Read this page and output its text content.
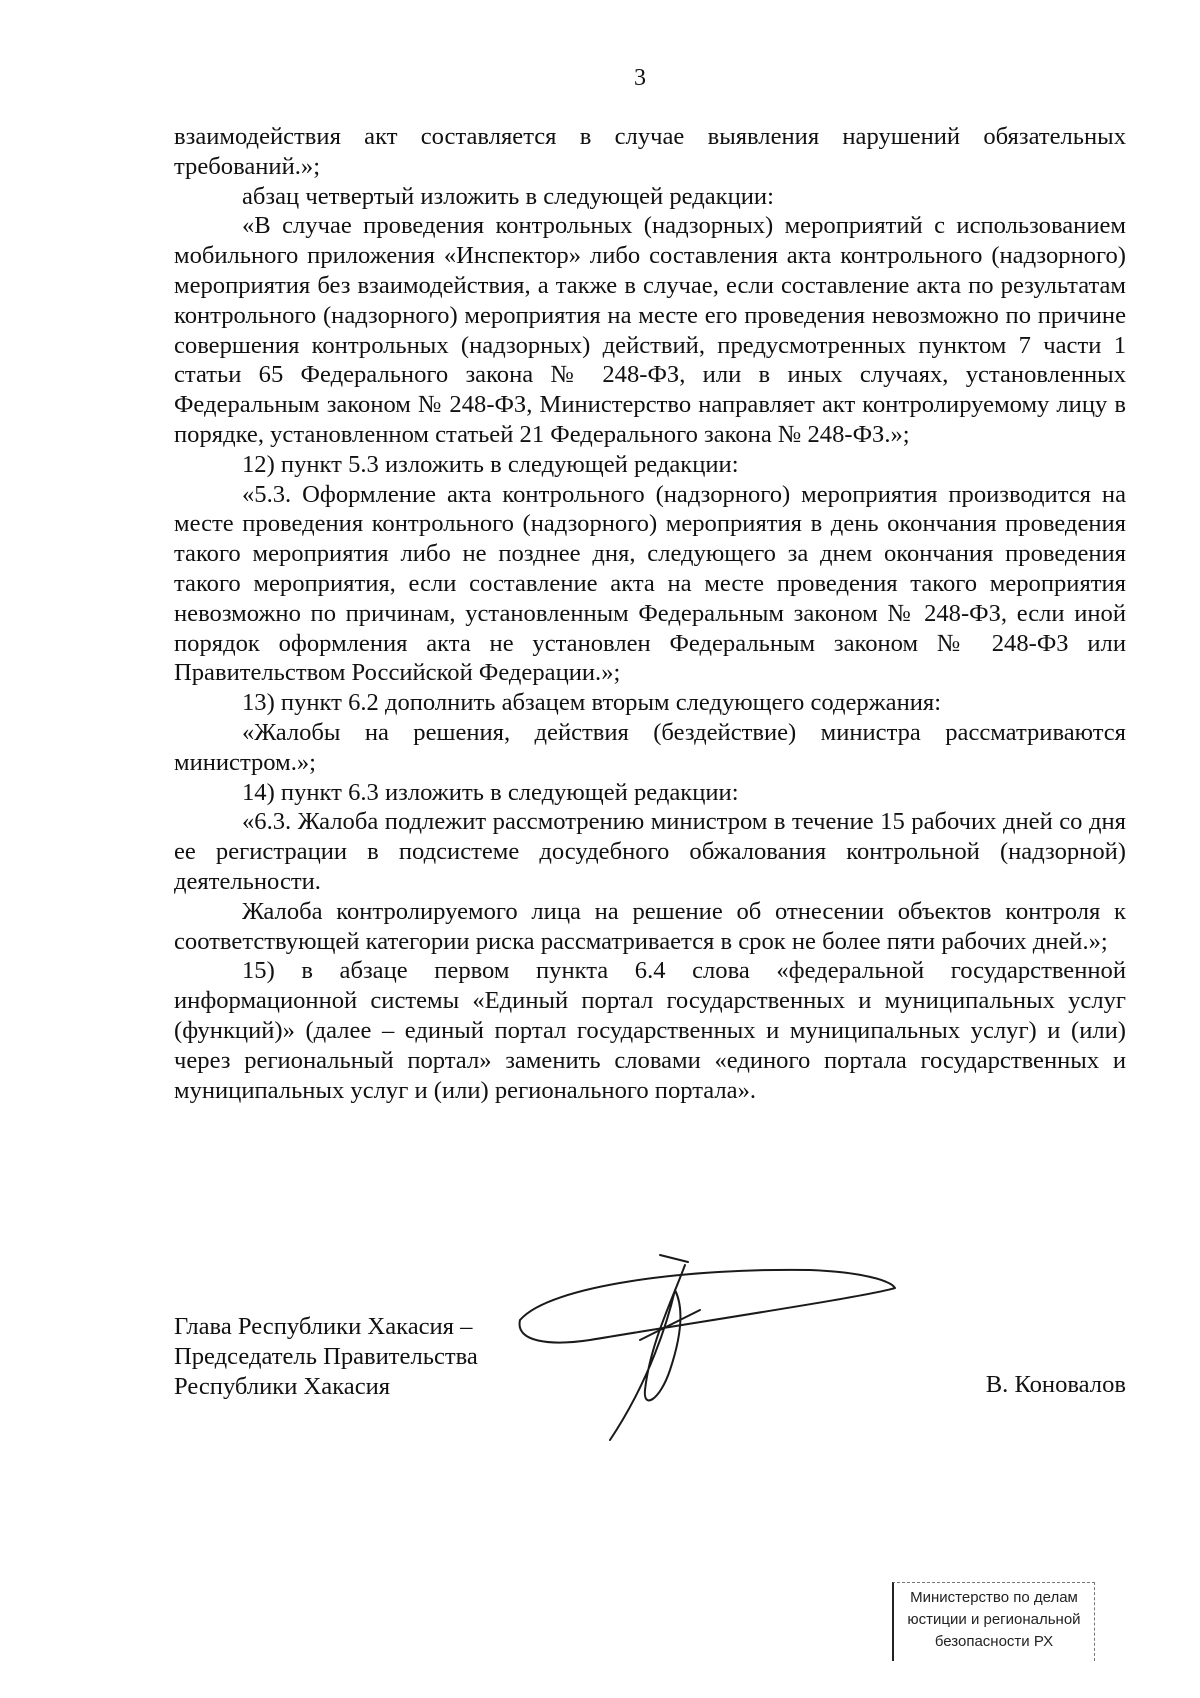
3

взаимодействия акт составляется в случае выявления нарушений обязательных требований.»;

абзац четвертый изложить в следующей редакции:

«В случае проведения контрольных (надзорных) мероприятий с использованием мобильного приложения «Инспектор» либо составления акта контрольного (надзорного) мероприятия без взаимодействия, а также в случае, если составление акта по результатам контрольного (надзорного) мероприятия на месте его проведения невозможно по причине совершения контрольных (надзорных) действий, предусмотренных пунктом 7 части 1 статьи 65 Федерального закона № 248-ФЗ, или в иных случаях, установленных Федеральным законом № 248-ФЗ, Министерство направляет акт контролируемому лицу в порядке, установленном статьей 21 Федерального закона № 248-ФЗ.»;

12) пункт 5.3 изложить в следующей редакции:

«5.3. Оформление акта контрольного (надзорного) мероприятия производится на месте проведения контрольного (надзорного) мероприятия в день окончания проведения такого мероприятия либо не позднее дня, следующего за днем окончания проведения такого мероприятия, если составление акта на месте проведения такого мероприятия невозможно по причинам, установленным Федеральным законом № 248-ФЗ, если иной порядок оформления акта не установлен Федеральным законом № 248-ФЗ или Правительством Российской Федерации.»;

13) пункт 6.2 дополнить абзацем вторым следующего содержания:

«Жалобы на решения, действия (бездействие) министра рассматриваются министром.»;

14) пункт 6.3 изложить в следующей редакции:

«6.3. Жалоба подлежит рассмотрению министром в течение 15 рабочих дней со дня ее регистрации в подсистеме досудебного обжалования контрольной (надзорной) деятельности.

Жалоба контролируемого лица на решение об отнесении объектов контроля к соответствующей категории риска рассматривается в срок не более пяти рабочих дней.»;

15) в абзаце первом пункта 6.4 слова «федеральной государственной информационной системы «Единый портал государственных и муниципальных услуг (функций)» (далее – единый портал государственных и муниципальных услуг) и (или) через региональный портал» заменить словами «единого портала государственных и муниципальных услуг и (или) регионального портала».

Глава Республики Хакасия –
Председатель Правительства
Республики Хакасия	В. Коновалов
Министерство по делам
юстиции и региональной
безопасности РХ
